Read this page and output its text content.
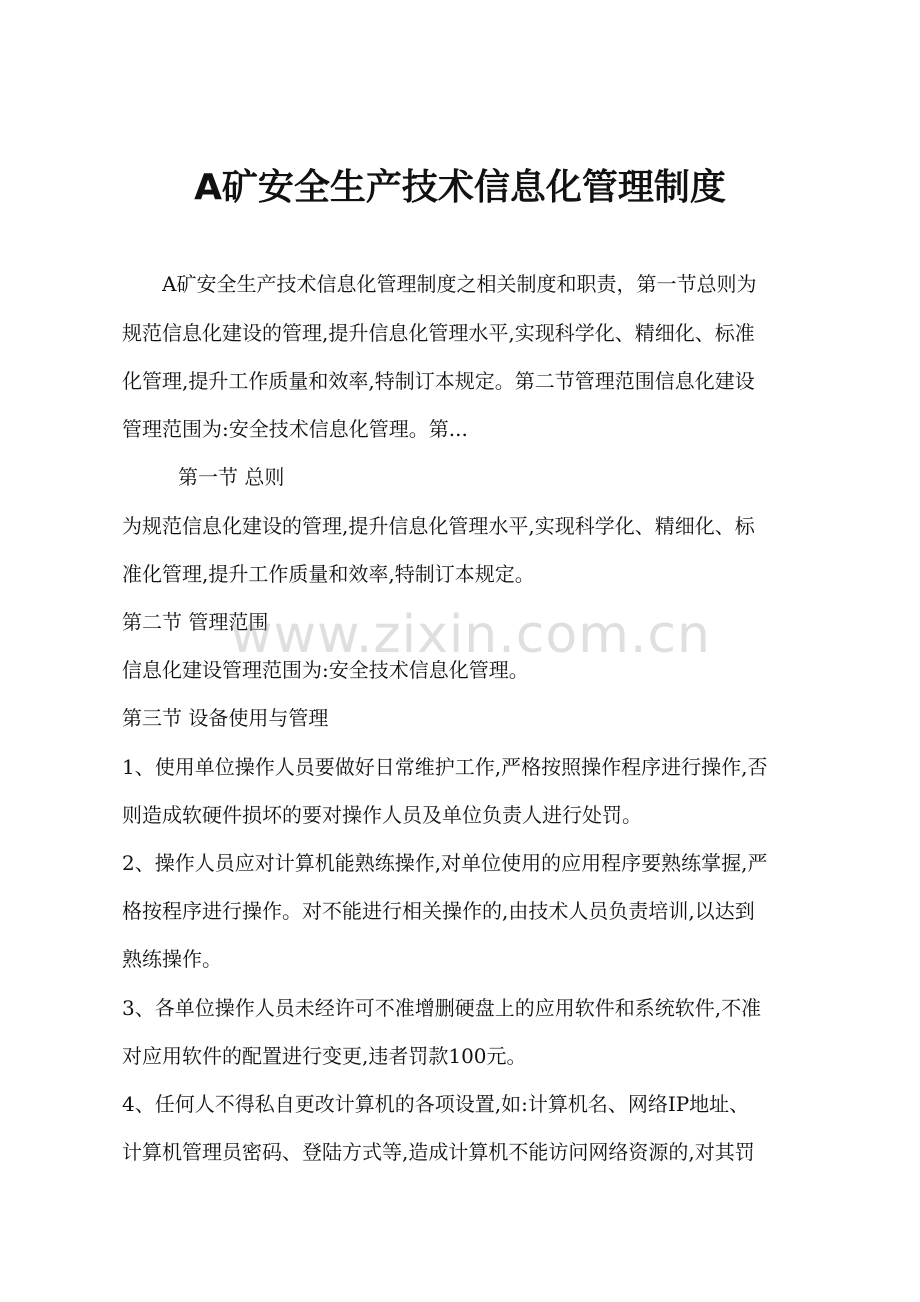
A矿安全生产技术信息化管理制度
A矿安全生产技术信息化管理制度之相关制度和职责，第一节总则为
规范信息化建设的管理,提升信息化管理水平,实现科学化、精细化、标准
化管理,提升工作质量和效率,特制订本规定。第二节管理范围信息化建设
管理范围为:安全技术信息化管理。第...
第一节 总则
为规范信息化建设的管理,提升信息化管理水平,实现科学化、精细化、标
准化管理,提升工作质量和效率,特制订本规定。
第二节 管理范围
信息化建设管理范围为:安全技术信息化管理。
第三节 设备使用与管理
1、使用单位操作人员要做好日常维护工作,严格按照操作程序进行操作,否
则造成软硬件损坏的要对操作人员及单位负责人进行处罚。
2、操作人员应对计算机能熟练操作,对单位使用的应用程序要熟练掌握,严
格按程序进行操作。对不能进行相关操作的,由技术人员负责培训,以达到
熟练操作。
3、各单位操作人员未经许可不准增删硬盘上的应用软件和系统软件,不准
对应用软件的配置进行变更,违者罚款100元。
4、任何人不得私自更改计算机的各项设置,如:计算机名、网络IP地址、
计算机管理员密码、登陆方式等,造成计算机不能访问网络资源的,对其罚
www.zixin.com.cn
